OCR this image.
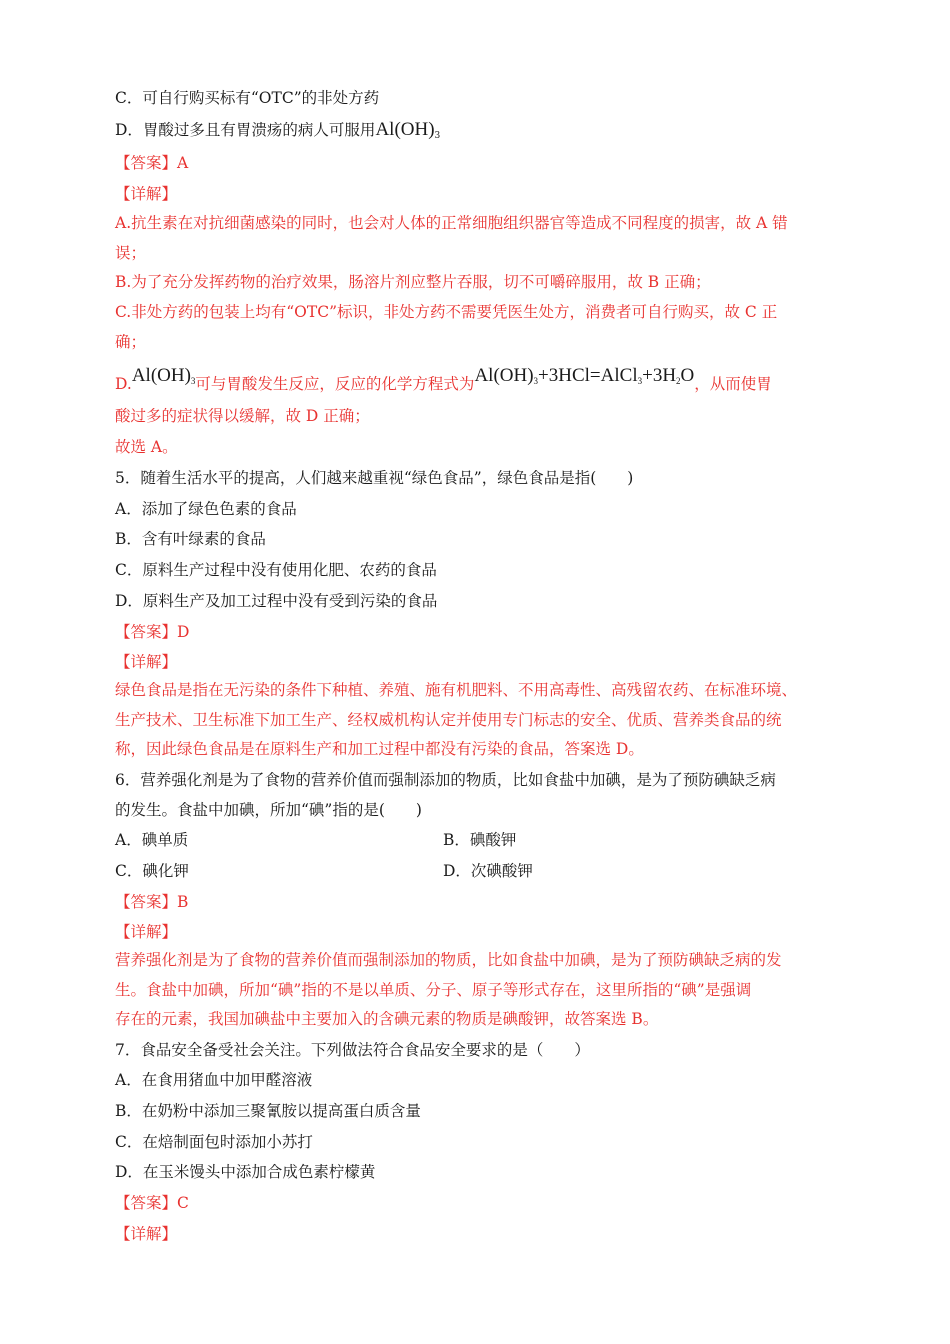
C．可自行购买标有“OTC”的非处方药
D．胃酸过多且有胃溃疡的病人可服用$Al(OH)_3$
【答案】A
【详解】
A.抗生素在对抗细菌感染的同时，也会对人体的正常细胞组织器官等造成不同程度的损害，故 A 错
误；
B.为了充分发挥药物的治疗效果，肠溶片剂应整片吞服，切不可嚼碎服用，故 B 正确；
C.非处方药的包装上均有“OTC”标识，非处方药不需要凭医生处方，消费者可自行购买，故 C 正
确；
$D.Al(OH)_3$可与胃酸发生反应，反应的化学方程式为$Al(OH)_3+3HCl=AlCl_3+3H_2O$，从而使胃
酸过多的症状得以缓解，故 D 正确；
故选 A。
5．随着生活水平的提高，人们越来越重视“绿色食品”，绿色食品是指(　　)
A．添加了绿色色素的食品
B．含有叶绿素的食品
C．原料生产过程中没有使用化肥、农药的食品
D．原料生产及加工过程中没有受到污染的食品
【答案】D
【详解】
绿色食品是指在无污染的条件下种植、养殖、施有机肥料、不用高毒性、高残留农药、在标准环境、
生产技术、卫生标准下加工生产、经权威机构认定并使用专门标志的安全、优质、营养类食品的统
称，因此绿色食品是在原料生产和加工过程中都没有污染的食品，答案选 D。
6．营养强化剂是为了食物的营养价值而强制添加的物质，比如食盐中加碘，是为了预防碘缺乏病
的发生。食盐中加碘，所加“碘”指的是(　　)
A．碘单质	B．碘酸钾
C．碘化钾	D．次碘酸钾
【答案】B
【详解】
营养强化剂是为了食物的营养价值而强制添加的物质，比如食盐中加碘，是为了预防碘缺乏病的发
生。食盐中加碘，所加“碘”指的不是以单质、分子、原子等形式存在，这里所指的“碘”是强调
存在的元素，我国加碘盐中主要加入的含碘元素的物质是碘酸钾，故答案选 B。
7．食品安全备受社会关注。下列做法符合食品安全要求的是（　　）
A．在食用猪血中加甲醛溶液
B．在奶粉中添加三聚氰胺以提高蛋白质含量
C．在焙制面包时添加小苏打
D．在玉米馒头中添加合成色素柠檬黄
【答案】C
【详解】
